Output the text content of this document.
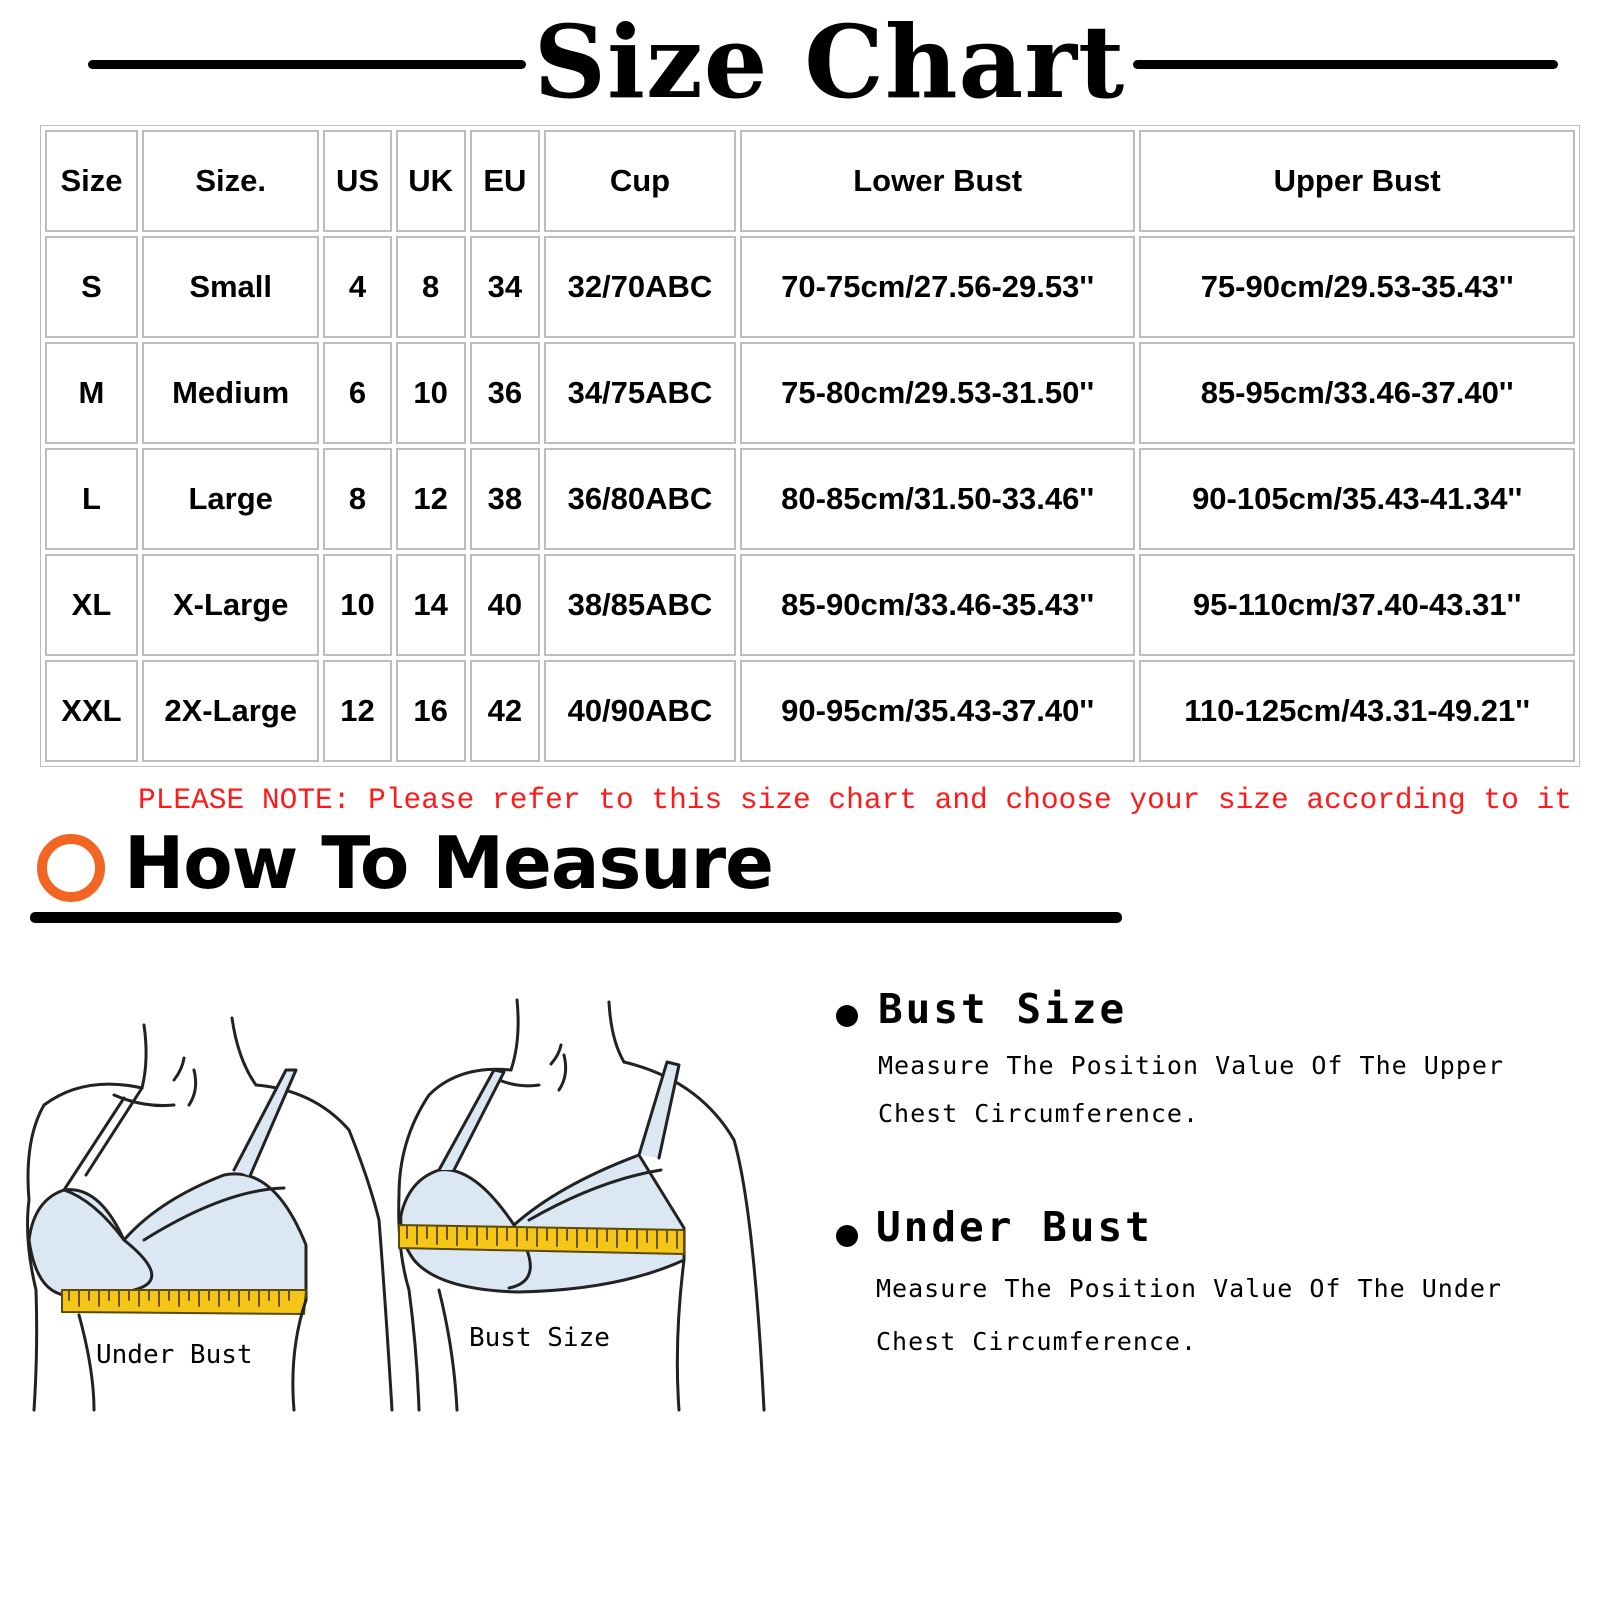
Size Chart
Size	Size.	US	UK	EU	Cup	Lower Bust	Upper Bust
S	Small	4	8	34	32/70ABC	70-75cm/27.56-29.53''	75-90cm/29.53-35.43''
M	Medium	6	10	36	34/75ABC	75-80cm/29.53-31.50''	85-95cm/33.46-37.40''
L	Large	8	12	38	36/80ABC	80-85cm/31.50-33.46''	90-105cm/35.43-41.34''
XL	X-Large	10	14	40	38/85ABC	85-90cm/33.46-35.43''	95-110cm/37.40-43.31''
XXL	2X-Large	12	16	42	40/90ABC	90-95cm/35.43-37.40''	110-125cm/43.31-49.21''
PLEASE NOTE: Please refer to this size chart and choose your size according to it
How To Measure
Under Bust
Bust Size
Bust Size
Measure The Position Value Of The Upper
Chest Circumference.
Under Bust
Measure The Position Value Of The Under
Chest Circumference.
